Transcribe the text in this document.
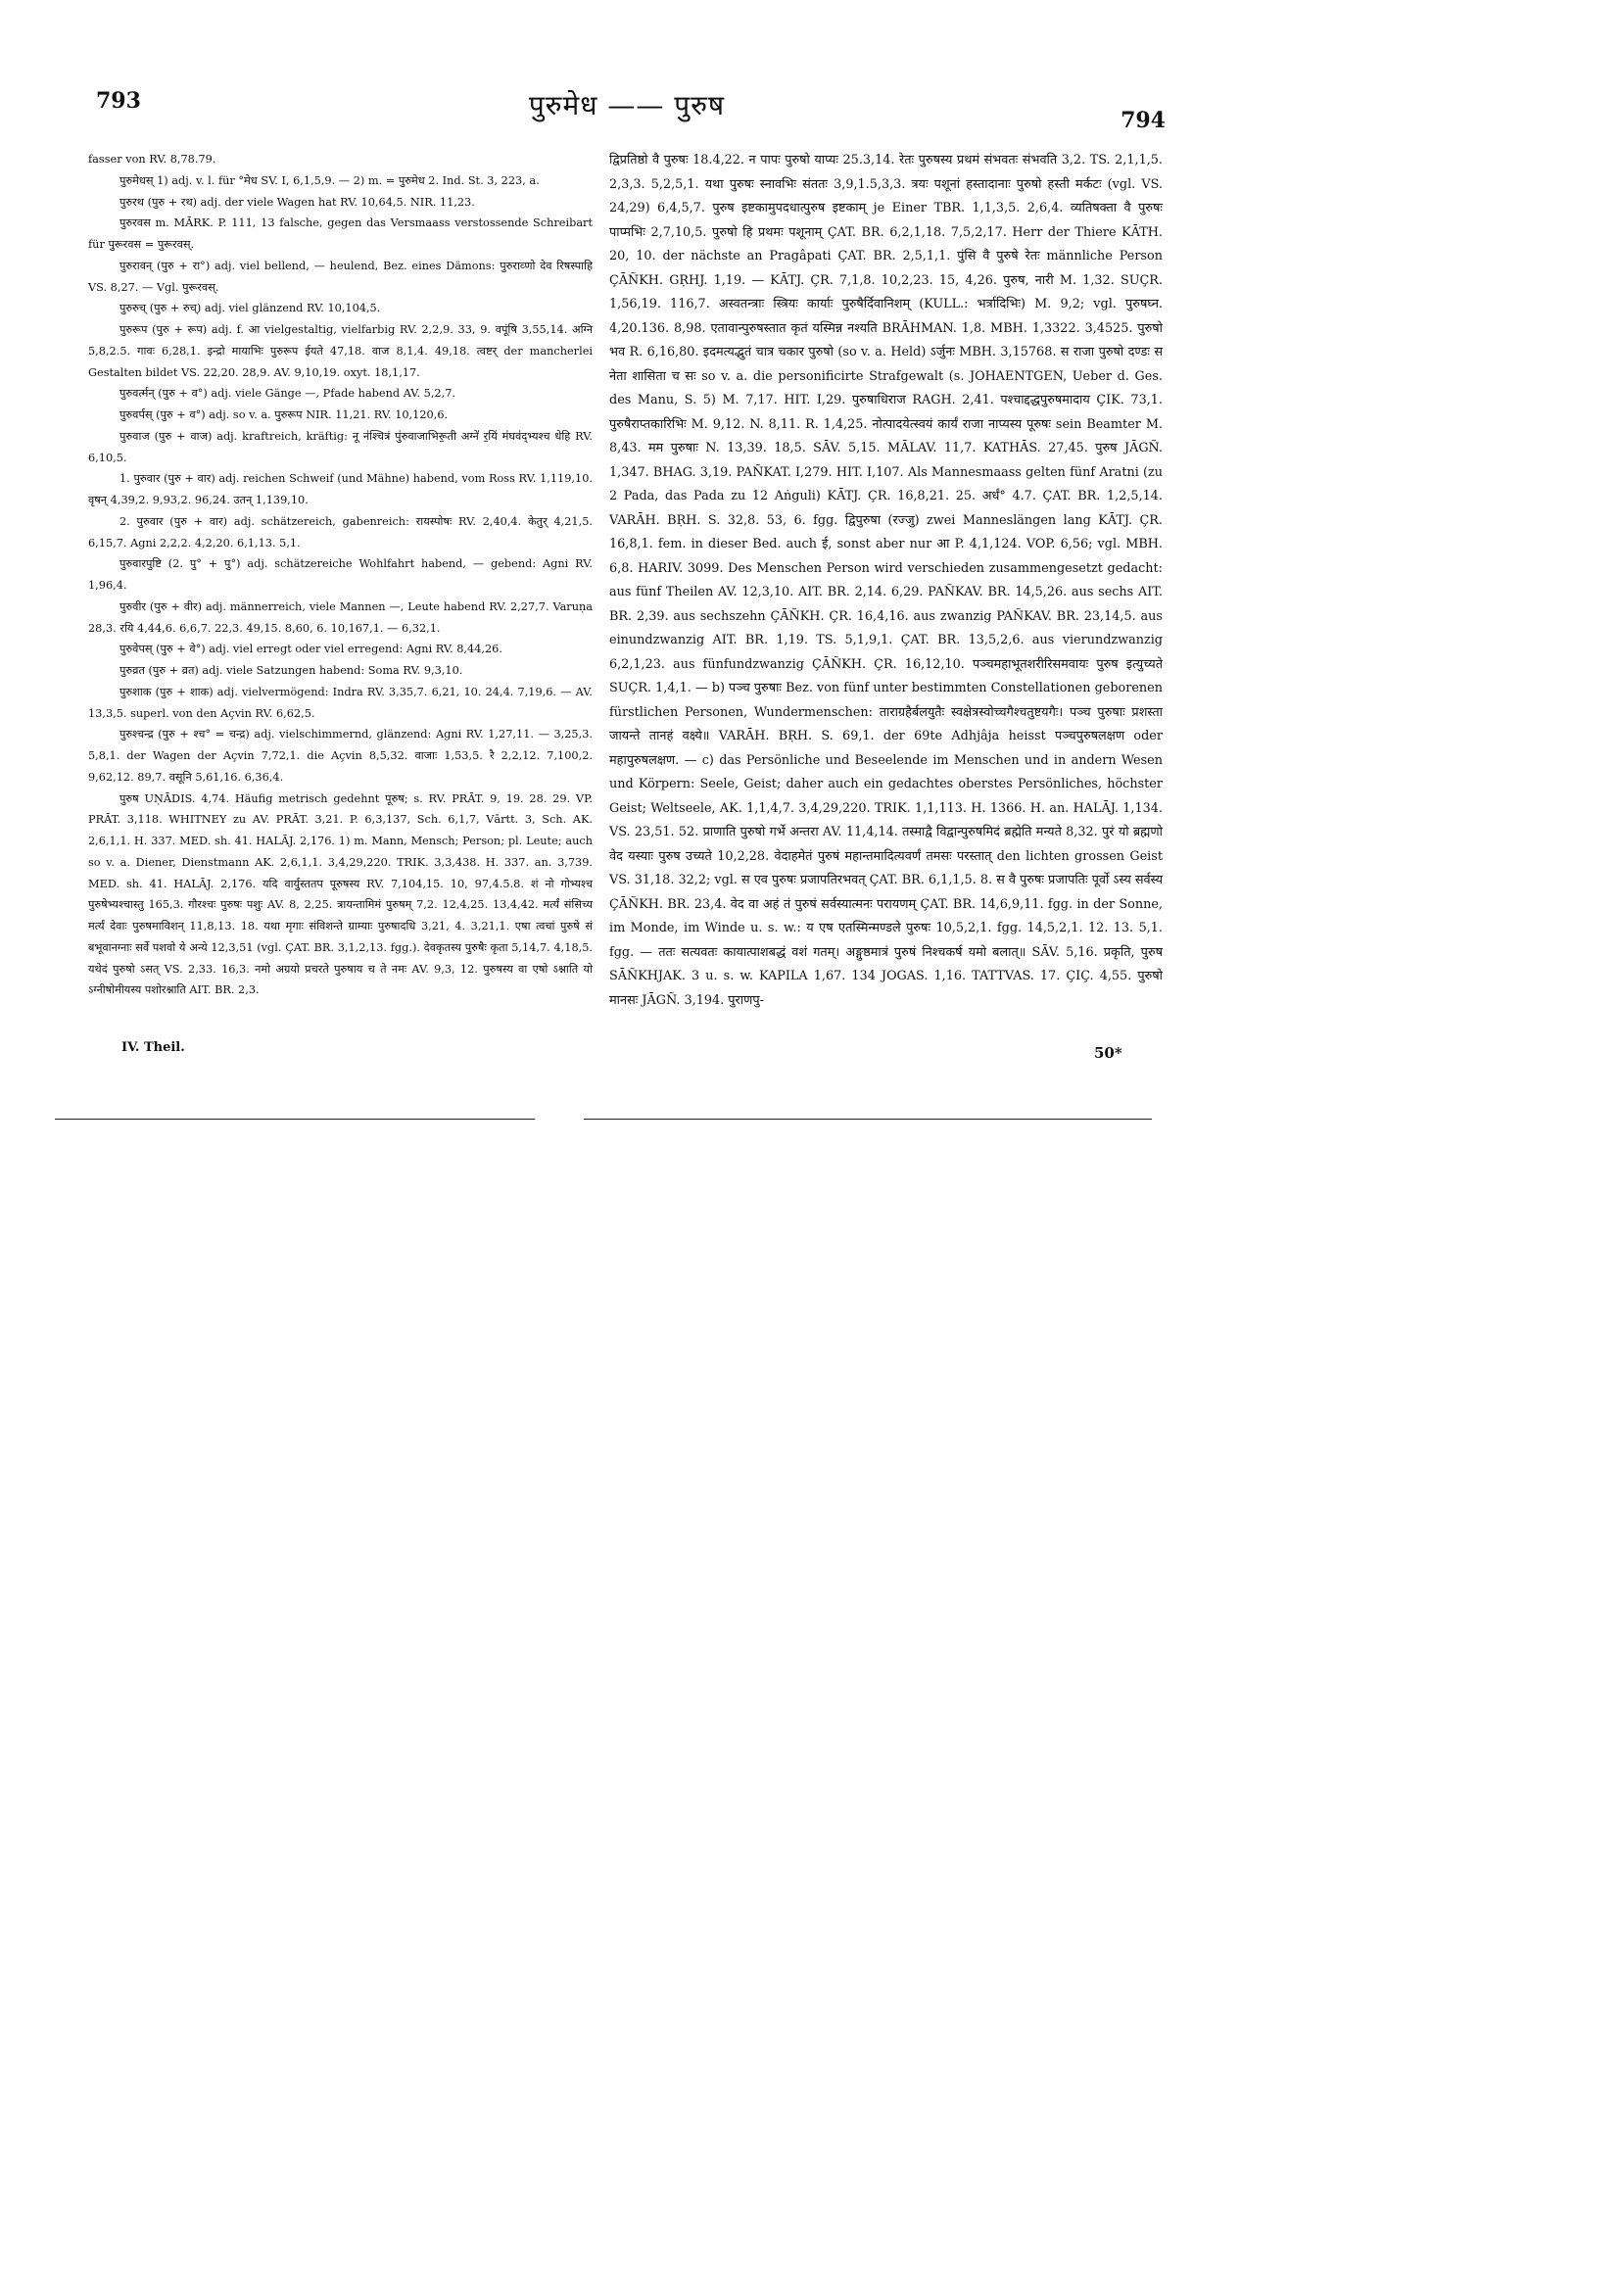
793	पुरुमेध —— पुरुष	794

fasser von RV. 8,78.79.

पुरुमेधस् 1) adj. v. l. für °मेध SV. I, 6,1,5,9. — 2) m. = पुरुमेध 2. Ind. St. 3, 223, a.

पुरुरथ (पुरु + रथ) adj. der viele Wagen hat RV. 10,64,5. NIR. 11,23.

पुरुरवस m. MĀRK. P. 111, 13 falsche, gegen das Versmaass verstossende Schreibart für पुरूरवस = पुरूरवस्.

पुरुरावन् (पुरु + रा°) adj. viel bellend, — heulend, Bez. eines Dämons: पुरुराव्णो देव रिषस्पाहि VS. 8,27. — Vgl. पुरूरवस्.

पुरुरुच् (पुरु + रुच्) adj. viel glänzend RV. 10,104,5.

पुरुरूप (पुरु + रूप) adj. f. आ vielgestaltig, vielfarbig RV. 2,2,9. 33, 9. वपूंषि 3,55,14. अग्नि 5,8,2.5. गावः 6,28,1. इन्द्रो मायाभिः पुरुरूप ईयते 47,18. वाज 8,1,4. 49,18. त्वष्टर् der mancherlei Gestalten bildet VS. 22,20. 28,9. AV. 9,10,19. oxyt. 18,1,17.

पुरुवर्त्मन् (पुरु + व°) adj. viele Gänge —, Pfade habend AV. 5,2,7.

पुरुवर्पस् (पुरु + व°) adj. so v. a. पुरुरूप NIR. 11,21. RV. 10,120,6.

पुरुवाज (पुरु + वाज) adj. kraftreich, kräftig: नू न॑श्चित्रं पु॑रुवाजाभिरू॒ती अग्ने॑ र॒यिं म॑घव॑द्भ्यश्च धेहि RV. 6,10,5.

1. पुरुवार (पुरु + वार) adj. reichen Schweif (und Mähne) habend, vom Ross RV. 1,119,10. वृषन् 4,39,2. 9,93,2. 96,24. उतन् 1,139,10.

2. पुरुवार (पुरु + वार) adj. schätzereich, gabenreich: रायस्पोषः RV. 2,40,4. केतुर् 4,21,5. 6,15,7. Agni 2,2,2. 4,2,20. 6,1,13. 5,1.

पुरुवारपुष्टि (2. पु° + पु°) adj. schätzereiche Wohlfahrt habend, — gebend: Agni RV. 1,96,4.

पुरुवीर (पुरु + वीर) adj. männerreich, viele Mannen —, Leute habend RV. 2,27,7. Varuṇa 28,3. रयि 4,44,6. 6,6,7. 22,3. 49,15. 8,60, 6. 10,167,1. — 6,32,1.

पुरुवेपस् (पुरु + वे°) adj. viel erregt oder viel erregend: Agni RV. 8,44,26.

पुरुव्रत (पुरु + व्रत) adj. viele Satzungen habend: Soma RV. 9,3,10.

पुरुशाक (पुरु + शाक) adj. vielvermögend: Indra RV. 3,35,7. 6,21, 10. 24,4. 7,19,6. — AV. 13,3,5. superl. von den Açvin RV. 6,62,5.

पुरुश्चन्द्र (पुरु + श्च° = चन्द्र) adj. vielschimmernd, glänzend: Agni RV. 1,27,11. — 3,25,3. 5,8,1. der Wagen der Açvin 7,72,1. die Açvin 8,5,32. वाजाः 1,53,5. रै 2,2,12. 7,100,2. 9,62,12. 89,7. वसूनि 5,61,16. 6,36,4.

पुरुष UṆĀDIS. 4,74. Häufig metrisch gedehnt पूरुष; s. RV. PRĀT. 9, 19. 28. 29. VP. PRĀT. 3,118. WHITNEY zu AV. PRĀT. 3,21. P. 6,3,137, Sch. 6,1,7, Vārtt. 3, Sch. AK. 2,6,1,1. H. 337. MED. sh. 41. HALĀJ. 2,176. 1) m. Mann, Mensch; Person; pl. Leute; auch so v. a. Diener, Dienstmann AK. 2,6,1,1. 3,4,29,220. TRIK. 3,3,438. H. 337. an. 3,739. MED. sh. 41. HALĀJ. 2,176. यदि वार्युस्ततप पूरुषस्य RV. 7,104,15. 10, 97,4.5.8. शं नो गोभ्यश्च पुरुषेभ्यश्चास्तु 165,3. गौरश्चः पुरुषः पशुः AV. 8, 2,25. त्रायन्तामिमं पुरुषम् 7,2. 12,4,25. 13,4,42. मर्त्यं संसिच्य मर्त्यं देवाः पुरुषमाविशन् 11,8,13. 18. यथा मृगाः संविशन्ते ग्राम्याः पुरुषादधि 3,21, 4. 3,21,1. एषा त्वचां पुरुषे सं बभूवानग्नाः सर्वे पशवो ये अन्ये 12,3,51 (vgl. ÇAT. BR. 3,1,2,13. fgg.). देवकृतस्य पुरुषैः कृता 5,14,7. 4,18,5. यथेदं पुरुषो ऽसत् VS. 2,33. 16,3. नमो अग्रयो प्रचरते पुरुषाय च ते नमः AV. 9,3, 12. पुरुषस्य वा एषो ऽश्नाति यो ऽग्नीषोमीयस्य पशोरश्नाति AIT. BR. 2,3.

द्विप्रतिष्ठो वै पुरुषः 18.4,22. न पापः पुरुषो याप्यः 25.3,14. रेतः पुरुषस्य प्रथमं संभवतः संभवति 3,2. TS. 2,1,1,5. 2,3,3. 5,2,5,1. यथा पुरुषः स्नावभिः संततः 3,9,1.5,3,3. त्रयः पशूनां हस्तादानाः पुरुषो हस्ती मर्कटः (vgl. VS. 24,29) 6,4,5,7. पुरुष इष्टकामुपदधात्पुरुष इष्टकाम् je Einer TBR. 1,1,3,5. 2,6,4. व्यतिषक्ता वै पुरुषः पाप्मभिः 2,7,10,5. पुरुषो हि प्रथमः पशूनाम् ÇAT. BR. 6,2,1,18. 7,5,2,17. Herr der Thiere KĀTH. 20, 10. der nächste an Pragâpati ÇAT. BR. 2,5,1,1. पुंसि वै पुरुषे रेतः männliche Person ÇĀÑKH. GṚHJ. 1,19. — KĀTJ. ÇR. 7,1,8. 10,2,23. 15, 4,26. पुरुष, नारी M. 1,32. SUÇR. 1,56,19. 116,7. अस्वतन्त्राः स्त्रियः कार्याः पुरुषैर्दिवानिशम् (KULL.: भर्त्रादिभिः) M. 9,2; vgl. पुरुषघ्न. 4,20.136. 8,98. एतावान्पुरुषस्तात कृतं यस्मिन्न नश्यति BRĀHMAN. 1,8. MBH. 1,3322. 3,4525. पुरुषो भव R. 6,16,80. इदमत्यद्भुतं चात्र चकार पुरुषो (so v. a. Held) ऽर्जुनः MBH. 3,15768. स राजा पुरुषो दण्डः स नेता शासिता च सः so v. a. die personificirte Strafgewalt (s. JOHAENTGEN, Ueber d. Ges. des Manu, S. 5) M. 7,17. HIT. I,29. पुरुषाधिराज RAGH. 2,41. पश्चाद्दद्धपुरुषमादाय ÇIK. 73,1. पुरुषैराप्तकारिभिः M. 9,12. N. 8,11. R. 1,4,25. नोत्पादयेत्स्वयं कार्यं राजा नाप्यस्य पूरुषः sein Beamter M. 8,43. मम पुरुषाः N. 13,39. 18,5. SĀV. 5,15. MĀLAV. 11,7. KATHĀS. 27,45. पुरुष JĀGÑ. 1,347. BHAG. 3,19. PAÑKAT. I,279. HIT. I,107. Als Mannesmaass gelten fünf Aratni (zu 2 Pada, das Pada zu 12 Aṅguli) KĀTJ. ÇR. 16,8,21. 25. अर्धं° 4.7. ÇAT. BR. 1,2,5,14. VARĀH. BṚH. S. 32,8. 53, 6. fgg. द्विपुरुषा (रज्जु) zwei Manneslängen lang KĀTJ. ÇR. 16,8,1. fem. in dieser Bed. auch ई, sonst aber nur आ P. 4,1,124. VOP. 6,56; vgl. MBH. 6,8. HARIV. 3099. Des Menschen Person wird verschieden zusammengesetzt gedacht: aus fünf Theilen AV. 12,3,10. AIT. BR. 2,14. 6,29. PAÑKAV. BR. 14,5,26. aus sechs AIT. BR. 2,39. aus sechszehn ÇĀÑKH. ÇR. 16,4,16. aus zwanzig PAÑKAV. BR. 23,14,5. aus einundzwanzig AIT. BR. 1,19. TS. 5,1,9,1. ÇAT. BR. 13,5,2,6. aus vierundzwanzig 6,2,1,23. aus fünfundzwanzig ÇĀÑKH. ÇR. 16,12,10. पञ्चमहाभूतशरीरिसमवायः पुरुष इत्युच्यते SUÇR. 1,4,1. — b) पञ्च पुरुषाः Bez. von fünf unter bestimmten Constellationen geborenen fürstlichen Personen, Wundermenschen: ताराग्रहैर्बलयुतैः स्वक्षेत्रस्वोच्चगैश्चतुष्टयगैः। पञ्च पुरुषाः प्रशस्ता जायन्ते तानहं वक्ष्ये॥ VARĀH. BṚH. S. 69,1. der 69te Adhjâja heisst पञ्चपुरुषलक्षण oder महापुरुषलक्षण. — c) das Persönliche und Beseelende im Menschen und in andern Wesen und Körpern: Seele, Geist; daher auch ein gedachtes oberstes Persönliches, höchster Geist; Weltseele, AK. 1,1,4,7. 3,4,29,220. TRIK. 1,1,113. H. 1366. H. an. HALĀJ. 1,134. VS. 23,51. 52. प्राणाति पुरुषो गर्भे अन्तरा AV. 11,4,14. तस्माद्वै विद्वान्पुरुषमिदं ब्रह्मेति मन्यते 8,32. पुरं यो ब्रह्मणो वेद यस्याः पुरुष उच्यते 10,2,28. वेदाहमेतं पुरुषं महान्तमादित्यवर्णं तमसः परस्तात् den lichten grossen Geist VS. 31,18. 32,2; vgl. स एव पुरुषः प्रजापतिरभवत् ÇAT. BR. 6,1,1,5. 8. स वै पुरुषः प्रजापतिः पूर्वो ऽस्य सर्वस्य ÇĀÑKH. BR. 23,4. वेद वा अहं तं पुरुषं सर्वस्यात्मनः परायणम् ÇAT. BR. 14,6,9,11. fgg. in der Sonne, im Monde, im Winde u. s. w.: य एष एतस्मिन्मण्डले पुरुषः 10,5,2,1. fgg. 14,5,2,1. 12. 13. 5,1. fgg. — ततः सत्यवतः कायात्पाशबद्धं वशं गतम्। अङ्गुष्ठमात्रं पुरुषं निश्चकर्ष यमो बलात्॥ SĀV. 5,16. प्रकृति, पुरुष SĀÑKHJAK. 3 u. s. w. KAPILA 1,67. 134 JOGAS. 1,16. TATTVAS. 17. ÇIÇ. 4,55. पुरुषो मानसः JĀGÑ. 3,194. पुराणपु-

IV. Theil.	50*
